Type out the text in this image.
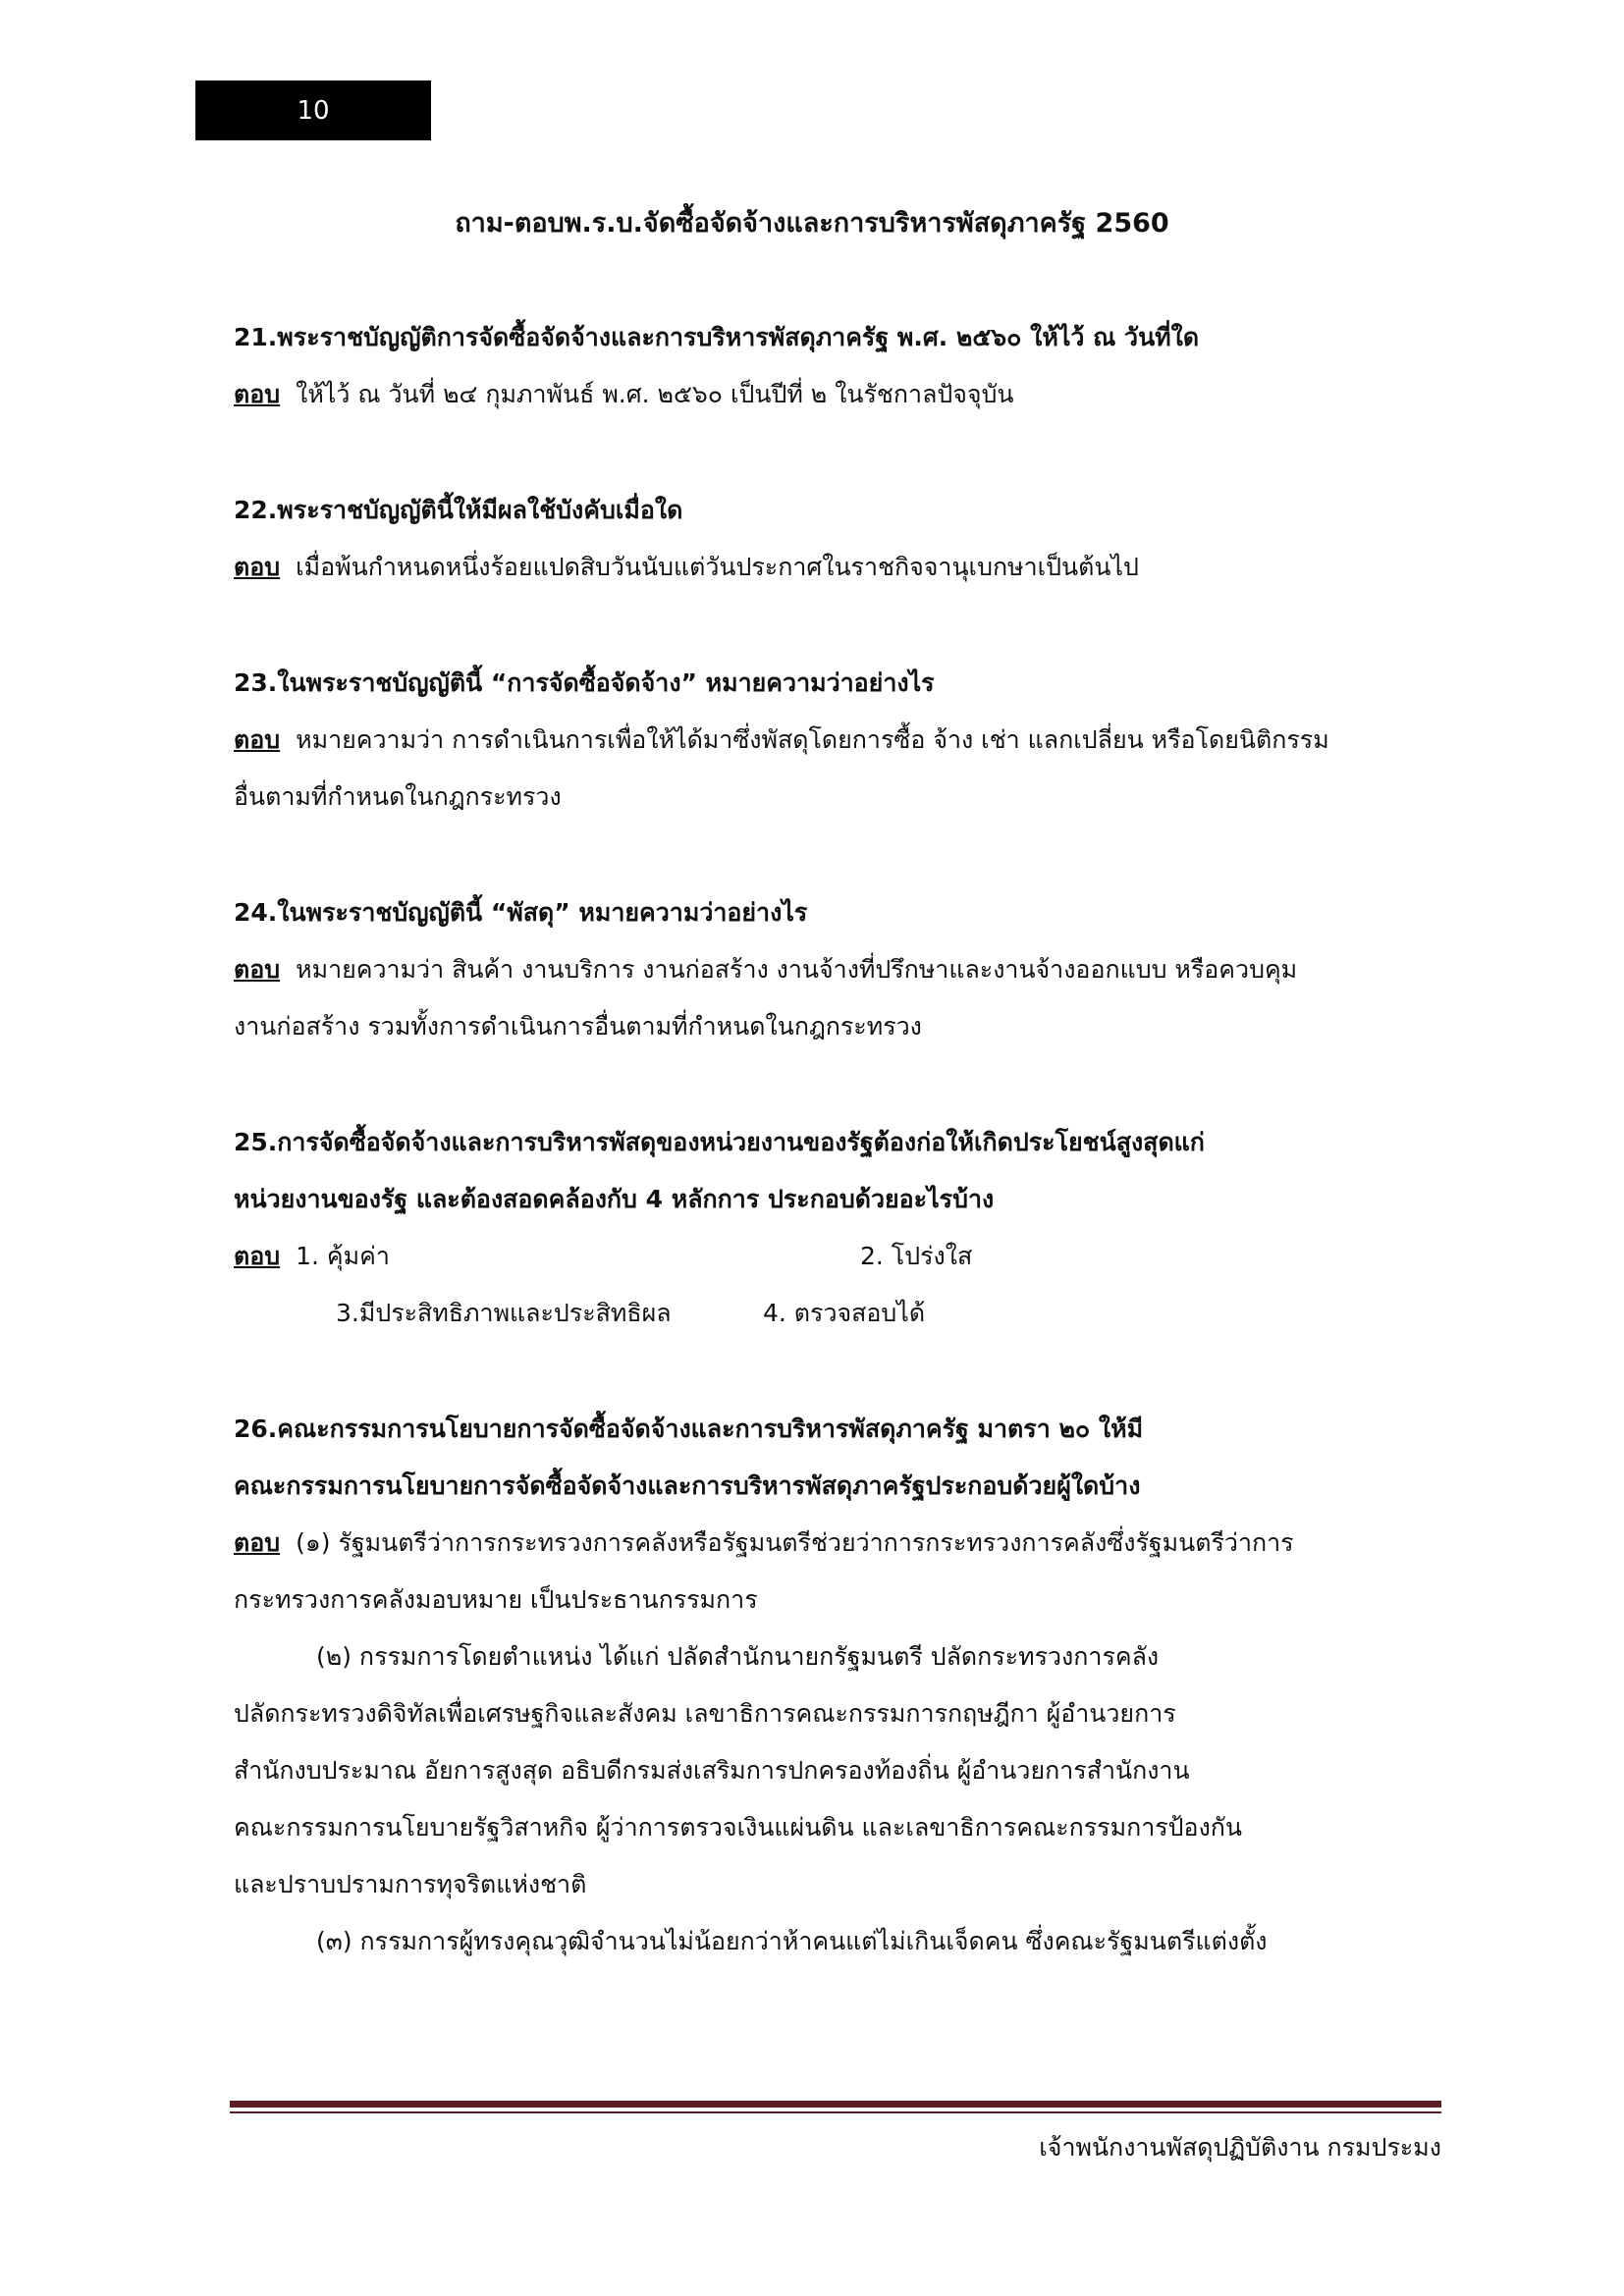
10
ถาม-ตอบพ.ร.บ.จัดซื้อจัดจ้างและการบริหารพัสดุภาครัฐ 2560

21.พระราชบัญญัติการจัดซื้อจัดจ้างและการบริหารพัสดุภาครัฐ พ.ศ. ๒๕๖๐ ให้ไว้ ณ วันที่ใด

ตอบ ให้ไว้ ณ วันที่ ๒๔ กุมภาพันธ์ พ.ศ. ๒๕๖๐ เป็นปีที่ ๒ ในรัชกาลปัจจุบัน

22.พระราชบัญญัตินี้ให้มีผลใช้บังคับเมื่อใด

ตอบ เมื่อพ้นกำหนดหนึ่งร้อยแปดสิบวันนับแต่วันประกาศในราชกิจจานุเบกษาเป็นต้นไป

23.ในพระราชบัญญัตินี้ “การจัดซื้อจัดจ้าง” หมายความว่าอย่างไร

ตอบ หมายความว่า การดำเนินการเพื่อให้ได้มาซึ่งพัสดุโดยการซื้อ จ้าง เช่า แลกเปลี่ยน หรือโดยนิติกรรม

อื่นตามที่กำหนดในกฎกระทรวง

24.ในพระราชบัญญัตินี้ “พัสดุ” หมายความว่าอย่างไร

ตอบ หมายความว่า สินค้า งานบริการ งานก่อสร้าง งานจ้างที่ปรึกษาและงานจ้างออกแบบ หรือควบคุม

งานก่อสร้าง รวมทั้งการดำเนินการอื่นตามที่กำหนดในกฎกระทรวง

25.การจัดซื้อจัดจ้างและการบริหารพัสดุของหน่วยงานของรัฐต้องก่อให้เกิดประโยชน์สูงสุดแก่

หน่วยงานของรัฐ และต้องสอดคล้องกับ 4 หลักการ ประกอบด้วยอะไรบ้าง

ตอบ 1. คุ้มค่า	2. โปร่งใส
3.มีประสิทธิภาพและประสิทธิผล	4. ตรวจสอบได้

26.คณะกรรมการนโยบายการจัดซื้อจัดจ้างและการบริหารพัสดุภาครัฐ มาตรา ๒๐ ให้มี

คณะกรรมการนโยบายการจัดซื้อจัดจ้างและการบริหารพัสดุภาครัฐประกอบด้วยผู้ใดบ้าง

ตอบ (๑) รัฐมนตรีว่าการกระทรวงการคลังหรือรัฐมนตรีช่วยว่าการกระทรวงการคลังซึ่งรัฐมนตรีว่าการ

กระทรวงการคลังมอบหมาย เป็นประธานกรรมการ

(๒) กรรมการโดยตำแหน่ง ได้แก่ ปลัดสำนักนายกรัฐมนตรี ปลัดกระทรวงการคลัง

ปลัดกระทรวงดิจิทัลเพื่อเศรษฐกิจและสังคม เลขาธิการคณะกรรมการกฤษฎีกา ผู้อำนวยการ

สำนักงบประมาณ อัยการสูงสุด อธิบดีกรมส่งเสริมการปกครองท้องถิ่น ผู้อำนวยการสำนักงาน

คณะกรรมการนโยบายรัฐวิสาหกิจ ผู้ว่าการตรวจเงินแผ่นดิน และเลขาธิการคณะกรรมการป้องกัน

และปราบปรามการทุจริตแห่งชาติ

(๓) กรรมการผู้ทรงคุณวุฒิจำนวนไม่น้อยกว่าห้าคนแต่ไม่เกินเจ็ดคน ซึ่งคณะรัฐมนตรีแต่งตั้ง

เจ้าพนักงานพัสดุปฏิบัติงาน กรมประมง
